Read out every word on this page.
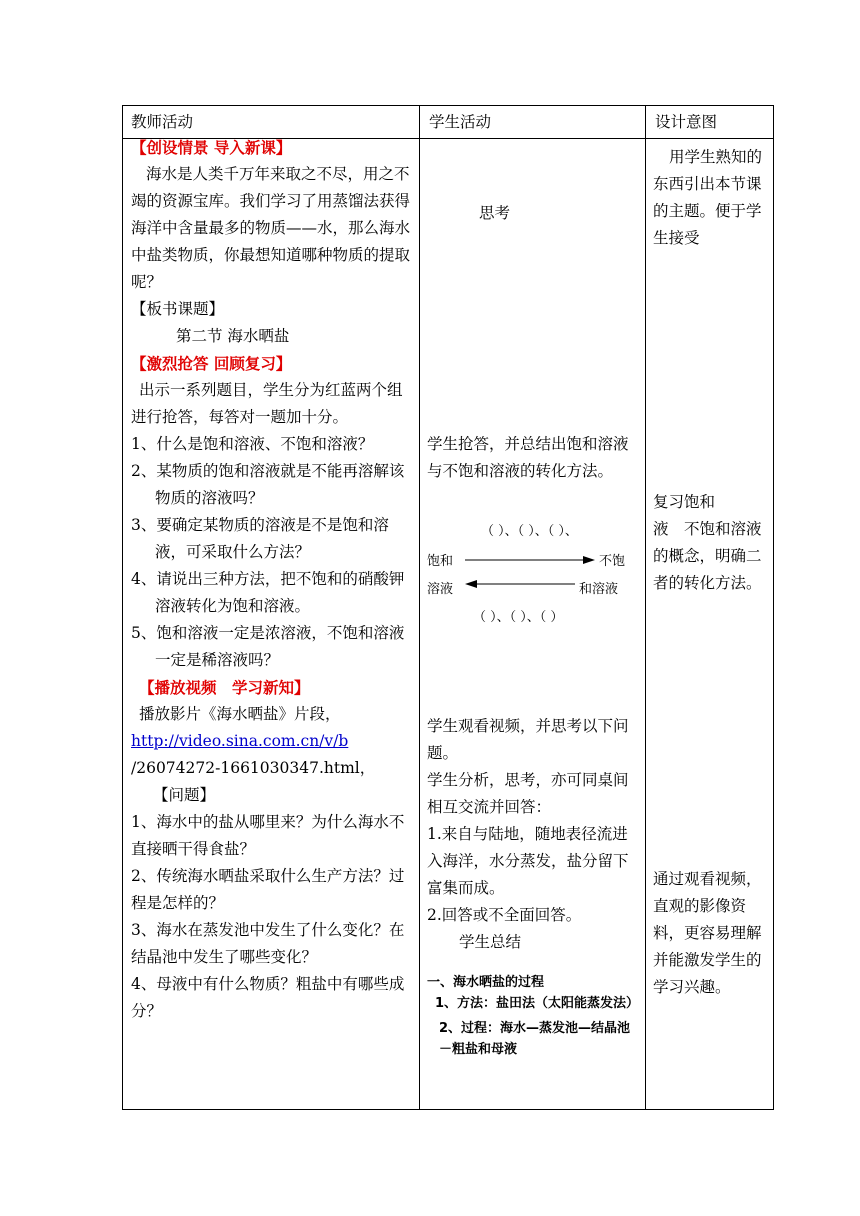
教师活动	学生活动	设计意图

【创设情景 导入新课】

海水是人类千万年来取之不尽，用之不竭的资源宝库。我们学习了用蒸馏法获得海洋中含量最多的物质——水，那么海水中盐类物质，你最想知道哪种物质的提取呢？

【板书课题】

第二节 海水晒盐

【激烈抢答 回顾复习】

出示一系列题目，学生分为红蓝两个组进行抢答，每答对一题加十分。

1、什么是饱和溶液、不饱和溶液？

2、某物质的饱和溶液就是不能再溶解该物质的溶液吗？

3、要确定某物质的溶液是不是饱和溶液，可采取什么方法？

4、请说出三种方法，把不饱和的硝酸钾溶液转化为饱和溶液。

5、饱和溶液一定是浓溶液，不饱和溶液一定是稀溶液吗？

【播放视频　学习新知】

播放影片《海水晒盐》片段，

http://video.sina.com.cn/v/b

/26074272-1661030347.html，

【问题】

1、海水中的盐从哪里来？为什么海水不直接晒干得食盐？

2、传统海水晒盐采取什么生产方法？过程是怎样的？

3、海水在蒸发池中发生了什么变化？在结晶池中发生了哪些变化？

4、母液中有什么物质？粗盐中有哪些成分？

思考
学生抢答，并总结出饱和溶液与不饱和溶液的转化方法。
（ ）、（ ）、（ ）、
饱和
溶液
不饱
和溶液
（ ）、（ ）、（ ）

学生观看视频，并思考以下问题。

学生分析，思考，亦可同桌间相互交流并回答：

1.来自与陆地，随地表径流进入海洋，水分蒸发，盐分留下富集而成。

2.回答或不全面回答。

学生总结

一、海水晒盐的过程

1、方法：盐田法（太阳能蒸发法）

2、过程：海水—蒸发池—结晶池－粗盐和母液

用学生熟知的东西引出本节课的主题。便于学生接受

复习饱和

液　不饱和溶液的概念，明确二者的转化方法。

通过观看视频，直观的影像资料，更容易理解并能激发学生的学习兴趣。
